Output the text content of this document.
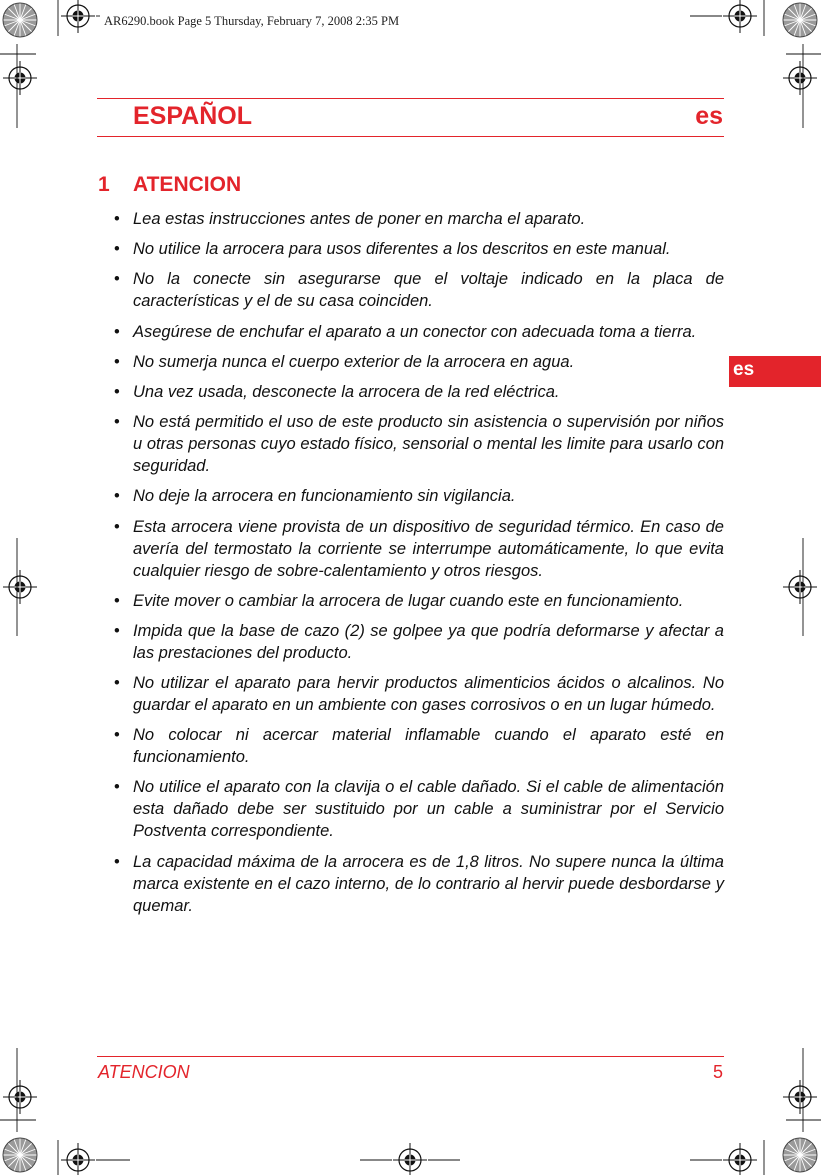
AR6290.book Page 5 Thursday, February 7, 2008 2:35 PM
ESPAÑOL	es
es
1 ATENCION
• Lea estas instrucciones antes de poner en marcha el aparato.
• No utilice la arrocera para usos diferentes a los descritos en este manual.
• No la conecte sin asegurarse que el voltaje indicado en la placa de características y el de su casa coinciden.
• Asegúrese de enchufar el aparato a un conector con adecuada toma a tierra.
• No sumerja nunca el cuerpo exterior de la arrocera en agua.
• Una vez usada, desconecte la arrocera de la red eléctrica.
• No está permitido el uso de este producto sin asistencia o supervisión por niños u otras personas cuyo estado físico, sensorial o mental les limite para usarlo con seguridad.
• No deje la arrocera en funcionamiento sin vigilancia.
• Esta arrocera viene provista de un dispositivo de seguridad térmico. En caso de avería del termostato la corriente se interrumpe automáticamente, lo que evita cualquier riesgo de sobre-calentamiento y otros riesgos.
• Evite mover o cambiar la arrocera de lugar cuando este en funcionamiento.
• Impida que la base de cazo (2) se golpee ya que podría deformarse y afectar a las prestaciones del producto.
• No utilizar el aparato para hervir productos alimenticios ácidos o alcalinos. No guardar el aparato en un ambiente con gases corrosivos o en un lugar húmedo.
• No colocar ni acercar material inflamable cuando el aparato esté en funcionamiento.
• No utilice el aparato con la clavija o el cable dañado. Si el cable de alimentación esta dañado debe ser sustituido por un cable a suministrar por el Servicio Postventa correspondiente.
• La capacidad máxima de la arrocera es de 1,8 litros. No supere nunca la última marca existente en el cazo interno, de lo contrario al hervir puede desbordarse y quemar.
ATENCION	5
